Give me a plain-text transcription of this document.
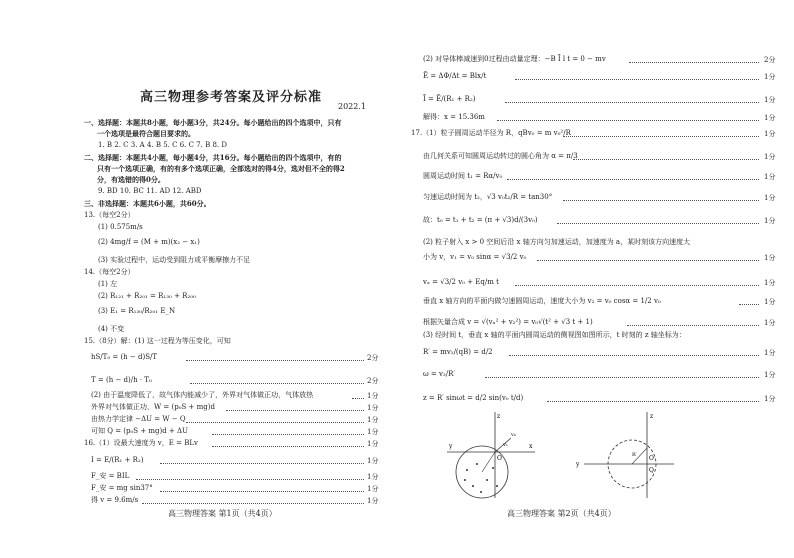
高三物理参考答案及评分标准
2022.1
一、选择题：本题共8小题，每小题3分，共24分。每小题给出的四个选项中，只有
一个选项是最符合题目要求的。
1. B 2. C 3. A 4. B 5. C 6. C 7. B 8. D
二、选择题：本题共4小题，每小题4分，共16分。每小题给出的四个选项中，有的
只有一个选项正确，有的有多个选项正确，全部选对的得4分，选对但不全的得2
分，有选错的得0分。
9. BD 10. BC 11. AD 12. ABD
三、非选择题：本题共6小题，共60分。
13.（每空2分）
(1) 0.575m/s
(2) 4mg/f = (M + m)(x₂ − x₁)
(3) 实验过程中，运动受到阻力或平衡摩擦力不足
14.（每空2分）
(1) 左
(2) R₁₂₁ + R₂₀₁ = R₁₃₀ + R₂₀₀
(3) E₁ = R₁₃₀/R₂₀₁ E_N
(4) 不变
15.（8分）解：(1) 这一过程为等压变化，可知
hS/T₀ = (h − d)S/T	2分
T = (h − d)/h · T₀	2分
(2) 由于温度降低了，故气体内能减少了，外界对气体做正功，气体放热	1分
外界对气体做正功，W = (p₀S + mg)d	1分
由热力学定律 −ΔU = W − Q	1分
可知 Q = (p₀S + mg)d + ΔU	1分
16.（1）设最大速度为 v，E = BLv	1分
I = E/(R₁ + R₂)	1分
F_安 = BIL	1分
F_安 = mg sin37°	1分
得 v = 9.6m/s	1分
高三物理答案 第1页（共4页）
(2) 对导体棒减速到0过程由动量定理：−B Ī l t = 0 − mv	2分
Ē = ΔΦ/Δt = Blx/t	1分
Ī = Ē/(R₁ + R₂)	1分
解得：x = 15.36m	1分
17.（1）粒子圆周运动半径为 R，qBv₀ = m v₀²/R	1分
由几何关系可知圆周运动转过的圆心角为 α = π/3	1分
圆周运动时间 t₁ = Rα/v₀	1分
匀速运动时间为 t₂，√3 v₀t₂/R = tan30°	1分
故：t₀ = t₁ + t₂ = (π + √3)d/(3v₀)	1分
(2) 粒子射入 x > 0 空间后沿 x 轴方向匀加速运动，加速度为 a，某时刻该方向速度大
小为 v，v₁ = v₀ sinα = √3/2 v₀	1分
vₓ = √3/2 v₀ + Eq/m t	1分
垂直 x 轴方向的平面内做匀速圆周运动，速度大小为 v₂ = v₀ cosα = 1/2 v₀	1分
根据矢量合成 v = √(vₓ² + v₂²) = v₀√(t² + √3 t + 1)	1分
(3) 经时间 t，垂直 x 轴的平面内圆周运动的侧视图如图所示，t 时刻的 z 轴坐标为：
R′ = mv₂/(qB) = d/2	1分
ω = v₂/R′	1分
z = R′ sinωt = d/2 sin(v₀ t/d)	1分
z
y	x
O
v₀
v₁
z
y
O
Q
R′
高三物理答案 第2页（共4页）
